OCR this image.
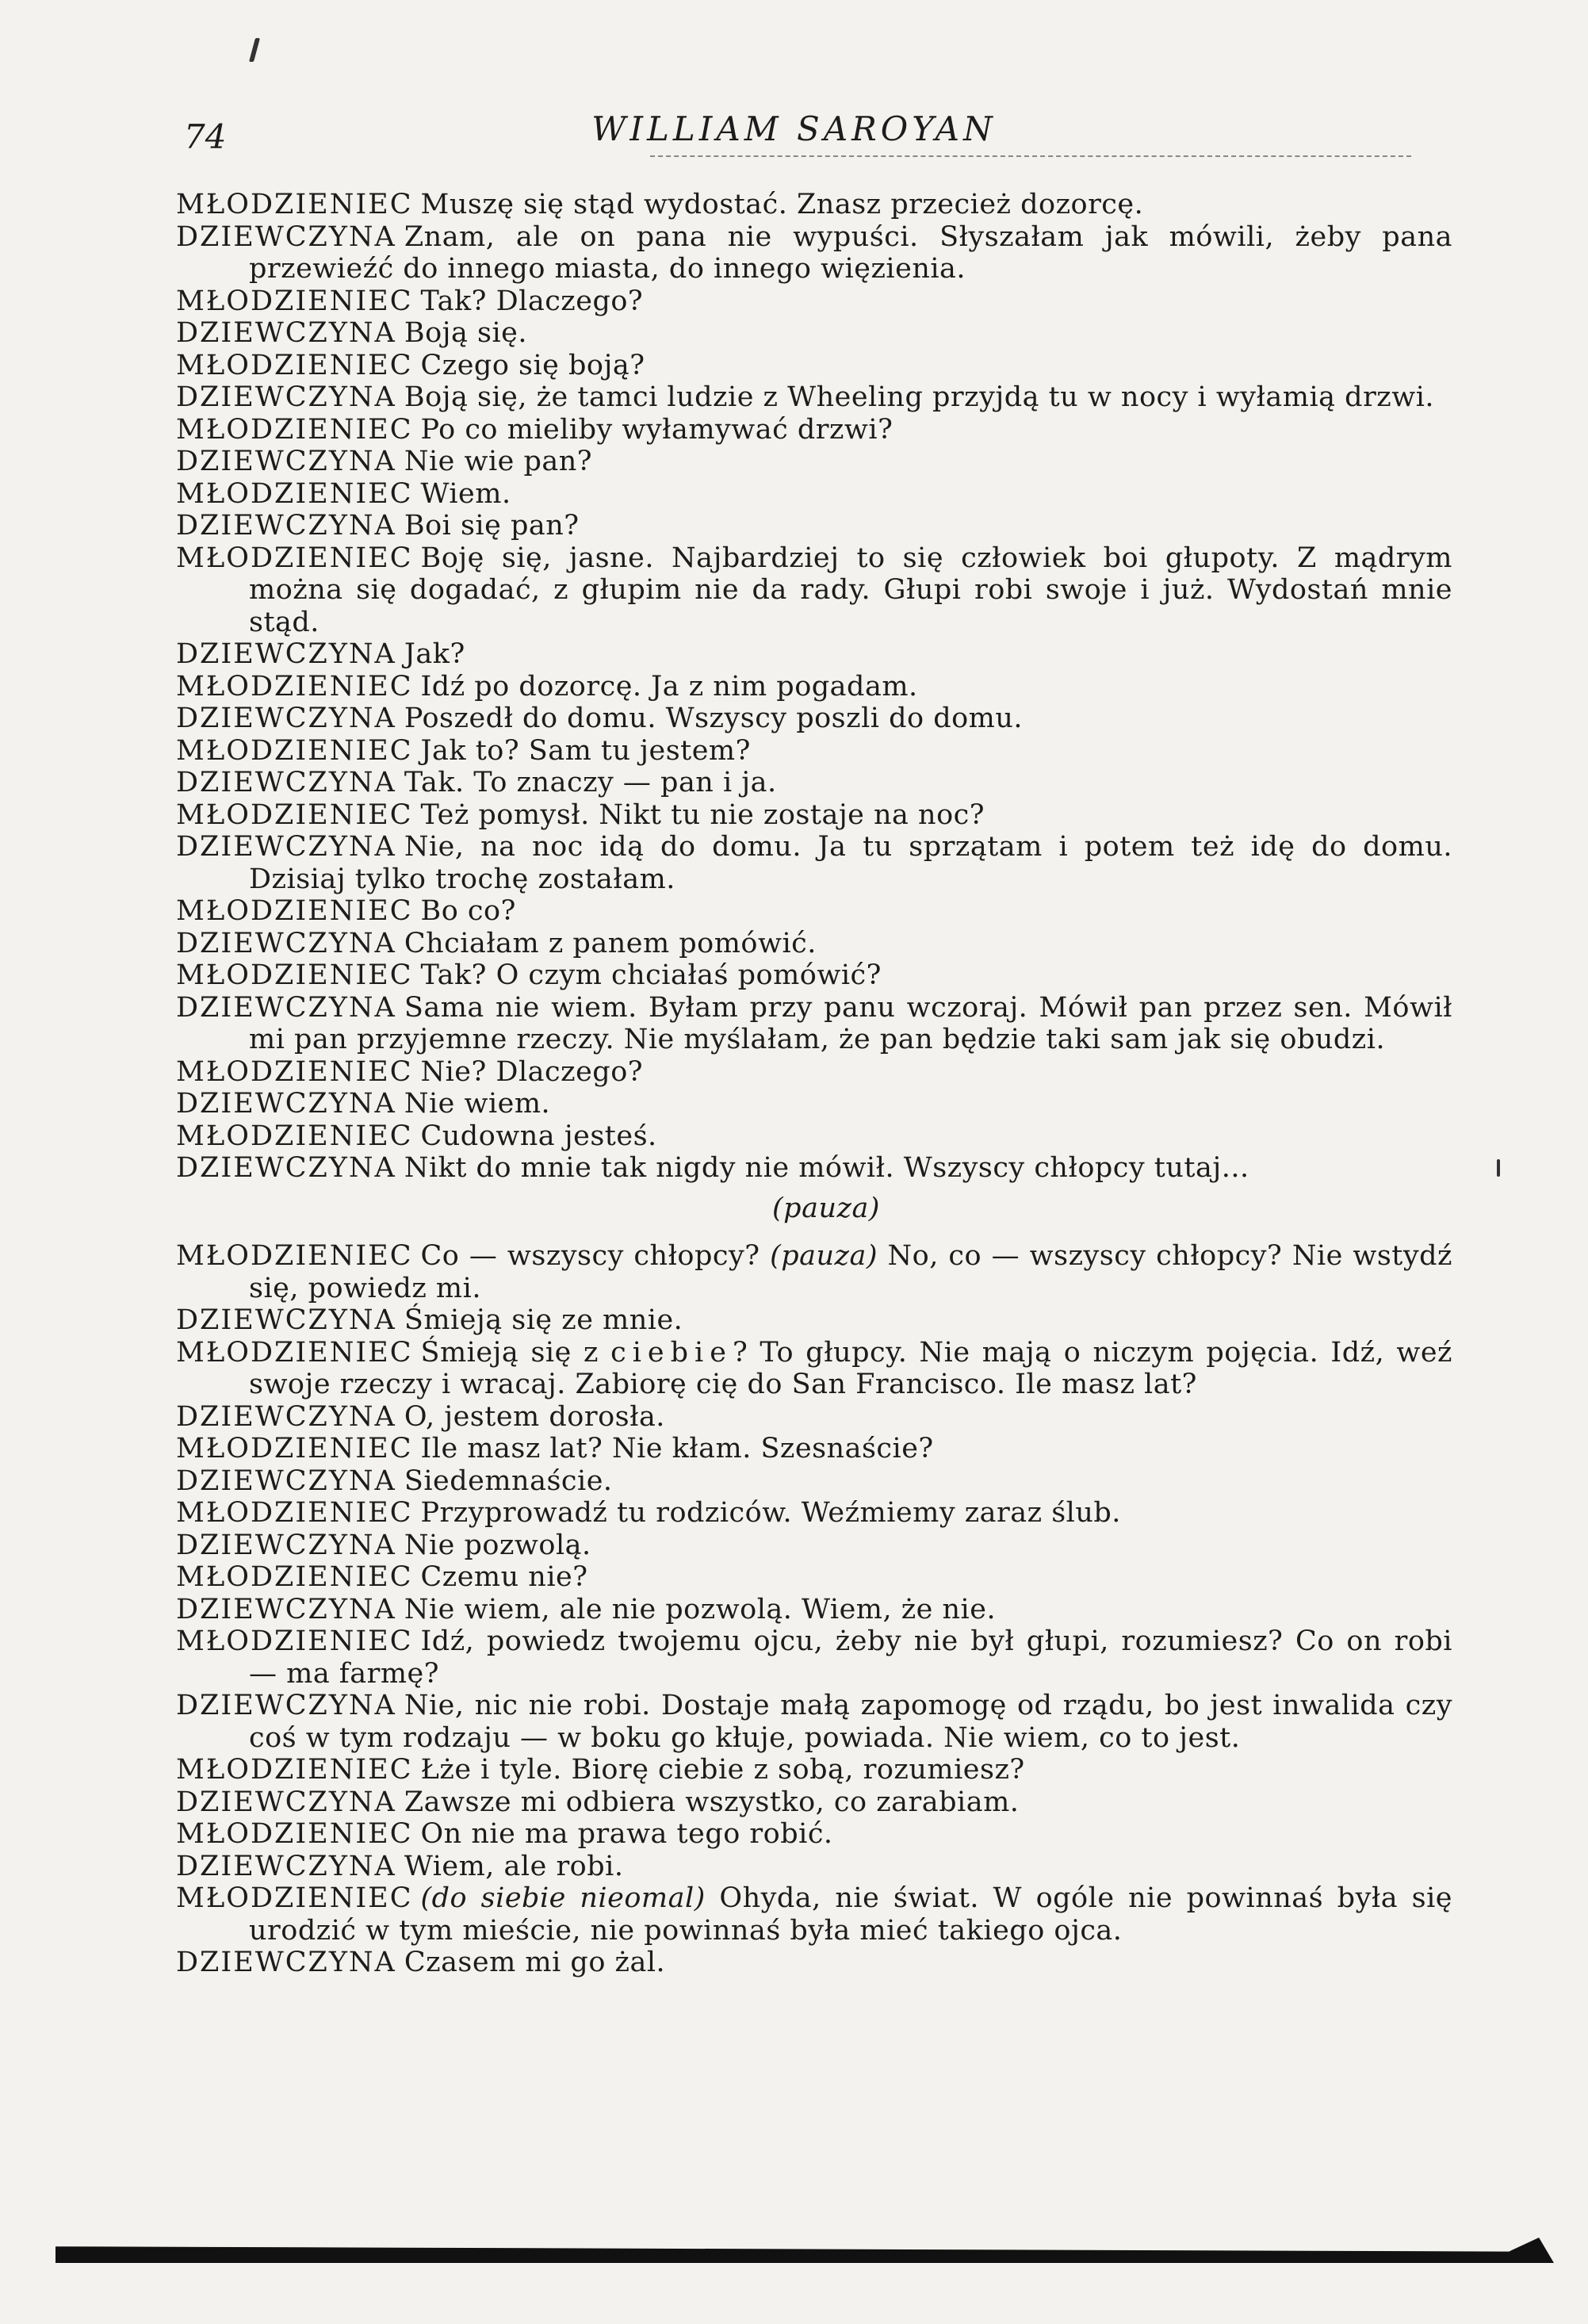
74	WILLIAM SAROYAN
MŁODZIENIEC Muszę się stąd wydostać. Znasz przecież dozorcę.
DZIEWCZYNA Znam, ale on pana nie wypuści. Słyszałam jak mówili, żeby pana przewieźć do innego miasta, do innego więzienia.
MŁODZIENIEC Tak? Dlaczego?
DZIEWCZYNA Boją się.
MŁODZIENIEC Czego się boją?
DZIEWCZYNA Boją się, że tamci ludzie z Wheeling przyjdą tu w nocy i wyłamią drzwi.
MŁODZIENIEC Po co mieliby wyłamywać drzwi?
DZIEWCZYNA Nie wie pan?
MŁODZIENIEC Wiem.
DZIEWCZYNA Boi się pan?
MŁODZIENIEC Boję się, jasne. Najbardziej to się człowiek boi głupoty. Z mądrym można się dogadać, z głupim nie da rady. Głupi robi swoje i już. Wydostań mnie stąd.
DZIEWCZYNA Jak?
MŁODZIENIEC Idź po dozorcę. Ja z nim pogadam.
DZIEWCZYNA Poszedł do domu. Wszyscy poszli do domu.
MŁODZIENIEC Jak to? Sam tu jestem?
DZIEWCZYNA Tak. To znaczy — pan i ja.
MŁODZIENIEC Też pomysł. Nikt tu nie zostaje na noc?
DZIEWCZYNA Nie, na noc idą do domu. Ja tu sprzątam i potem też idę do domu. Dzisiaj tylko trochę zostałam.
MŁODZIENIEC Bo co?
DZIEWCZYNA Chciałam z panem pomówić.
MŁODZIENIEC Tak? O czym chciałaś pomówić?
DZIEWCZYNA Sama nie wiem. Byłam przy panu wczoraj. Mówił pan przez sen. Mówił mi pan przyjemne rzeczy. Nie myślałam, że pan będzie taki sam jak się obudzi.
MŁODZIENIEC Nie? Dlaczego?
DZIEWCZYNA Nie wiem.
MŁODZIENIEC Cudowna jesteś.
DZIEWCZYNA Nikt do mnie tak nigdy nie mówił. Wszyscy chłopcy tutaj...
(pauza)
MŁODZIENIEC Co — wszyscy chłopcy? (pauza) No, co — wszyscy chłopcy? Nie wstydź się, powiedz mi.
DZIEWCZYNA Śmieją się ze mnie.
MŁODZIENIEC Śmieją się z ciebie? To głupcy. Nie mają o niczym pojęcia. Idź, weź swoje rzeczy i wracaj. Zabiorę cię do San Francisco. Ile masz lat?
DZIEWCZYNA O, jestem dorosła.
MŁODZIENIEC Ile masz lat? Nie kłam. Szesnaście?
DZIEWCZYNA Siedemnaście.
MŁODZIENIEC Przyprowadź tu rodziców. Weźmiemy zaraz ślub.
DZIEWCZYNA Nie pozwolą.
MŁODZIENIEC Czemu nie?
DZIEWCZYNA Nie wiem, ale nie pozwolą. Wiem, że nie.
MŁODZIENIEC Idź, powiedz twojemu ojcu, żeby nie był głupi, rozumiesz? Co on robi — ma farmę?
DZIEWCZYNA Nie, nic nie robi. Dostaje małą zapomogę od rządu, bo jest inwalida czy coś w tym rodzaju — w boku go kłuje, powiada. Nie wiem, co to jest.
MŁODZIENIEC Łże i tyle. Biorę ciebie z sobą, rozumiesz?
DZIEWCZYNA Zawsze mi odbiera wszystko, co zarabiam.
MŁODZIENIEC On nie ma prawa tego robić.
DZIEWCZYNA Wiem, ale robi.
MŁODZIENIEC (do siebie nieomal) Ohyda, nie świat. W ogóle nie powinnaś była się urodzić w tym mieście, nie powinnaś była mieć takiego ojca.
DZIEWCZYNA Czasem mi go żal.
